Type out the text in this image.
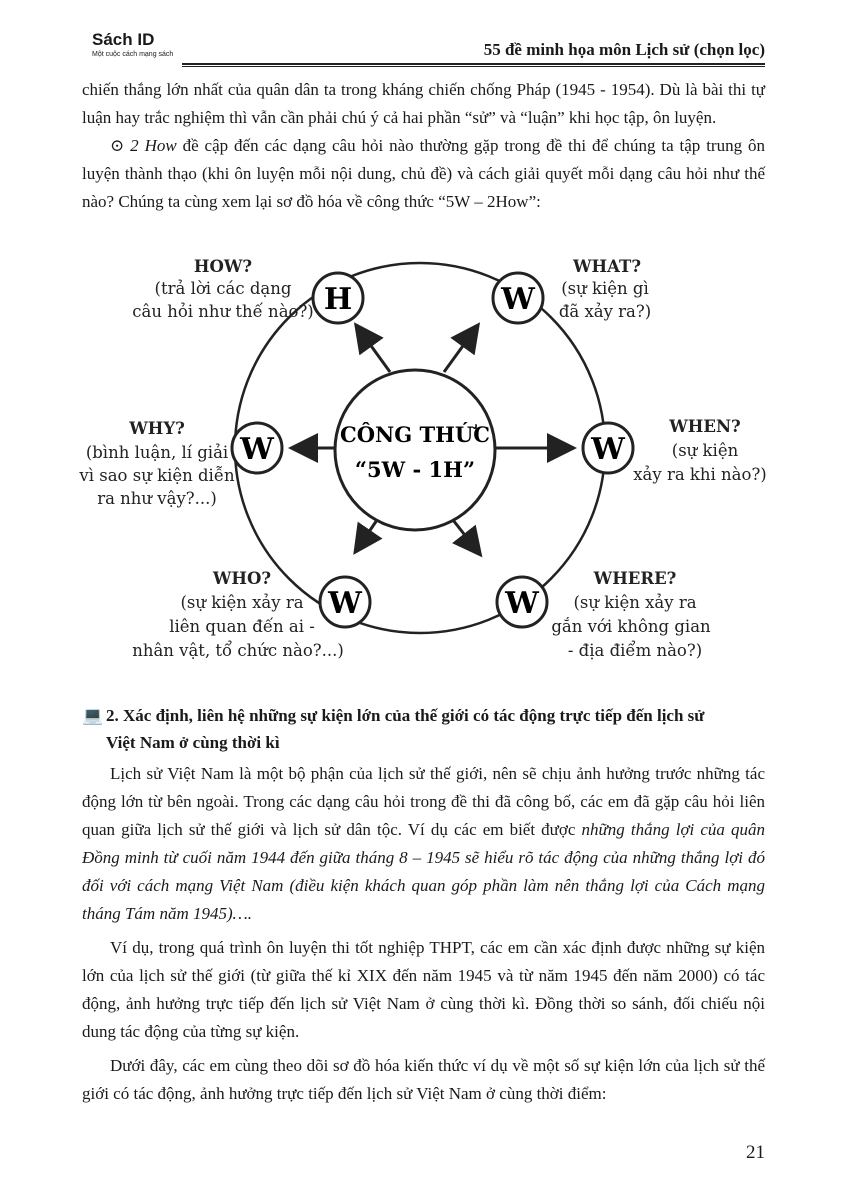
Sách ID
Một cuộc cách mạng sách	55 đề minh họa môn Lịch sử (chọn lọc)

chiến thắng lớn nhất của quân dân ta trong kháng chiến chống Pháp (1945 - 1954). Dù là bài thi tự luận hay trắc nghiệm thì vẫn cần phải chú ý cả hai phần “sử” và “luận” khi học tập, ôn luyện.

⊙ 2 How đề cập đến các dạng câu hỏi nào thường gặp trong đề thi để chúng ta tập trung ôn luyện thành thạo (khi ôn luyện mỗi nội dung, chủ đề) và cách giải quyết mỗi dạng câu hỏi như thế nào? Chúng ta cùng xem lại sơ đồ hóa về công thức “5W – 2How”:

CÔNG THỨC
“5W - 1H”
H	W
W	W
W	W
HOW?
(trả lời các dạng
câu hỏi như thế nào?)
WHAT?
(sự kiện gì
đã xảy ra?)
WHY?
(bình luận, lí giải
vì sao sự kiện diễn
ra như vậy?...)
WHEN?
(sự kiện
xảy ra khi nào?)
WHO?
(sự kiện xảy ra
liên quan đến ai -
nhân vật, tổ chức nào?...)
WHERE?
(sự kiện xảy ra
gắn với không gian
- địa điểm nào?)
💻 2. Xác định, liên hệ những sự kiện lớn của thế giới có tác động trực tiếp đến lịch sử
Việt Nam ở cùng thời kì

Lịch sử Việt Nam là một bộ phận của lịch sử thế giới, nên sẽ chịu ảnh hưởng trước những tác động lớn từ bên ngoài. Trong các dạng câu hỏi trong đề thi đã công bố, các em đã gặp câu hỏi liên quan giữa lịch sử thế giới và lịch sử dân tộc. Ví dụ các em biết được những thắng lợi của quân Đồng minh từ cuối năm 1944 đến giữa tháng 8 – 1945 sẽ hiểu rõ tác động của những thắng lợi đó đối với cách mạng Việt Nam (điều kiện khách quan góp phần làm nên thắng lợi của Cách mạng tháng Tám năm 1945)….

Ví dụ, trong quá trình ôn luyện thi tốt nghiệp THPT, các em cần xác định được những sự kiện lớn của lịch sử thế giới (từ giữa thế kỉ XIX đến năm 1945 và từ năm 1945 đến năm 2000) có tác động, ảnh hưởng trực tiếp đến lịch sử Việt Nam ở cùng thời kì. Đồng thời so sánh, đối chiếu nội dung tác động của từng sự kiện.

Dưới đây, các em cùng theo dõi sơ đồ hóa kiến thức ví dụ về một số sự kiện lớn của lịch sử thế giới có tác động, ảnh hưởng trực tiếp đến lịch sử Việt Nam ở cùng thời điểm:

21
